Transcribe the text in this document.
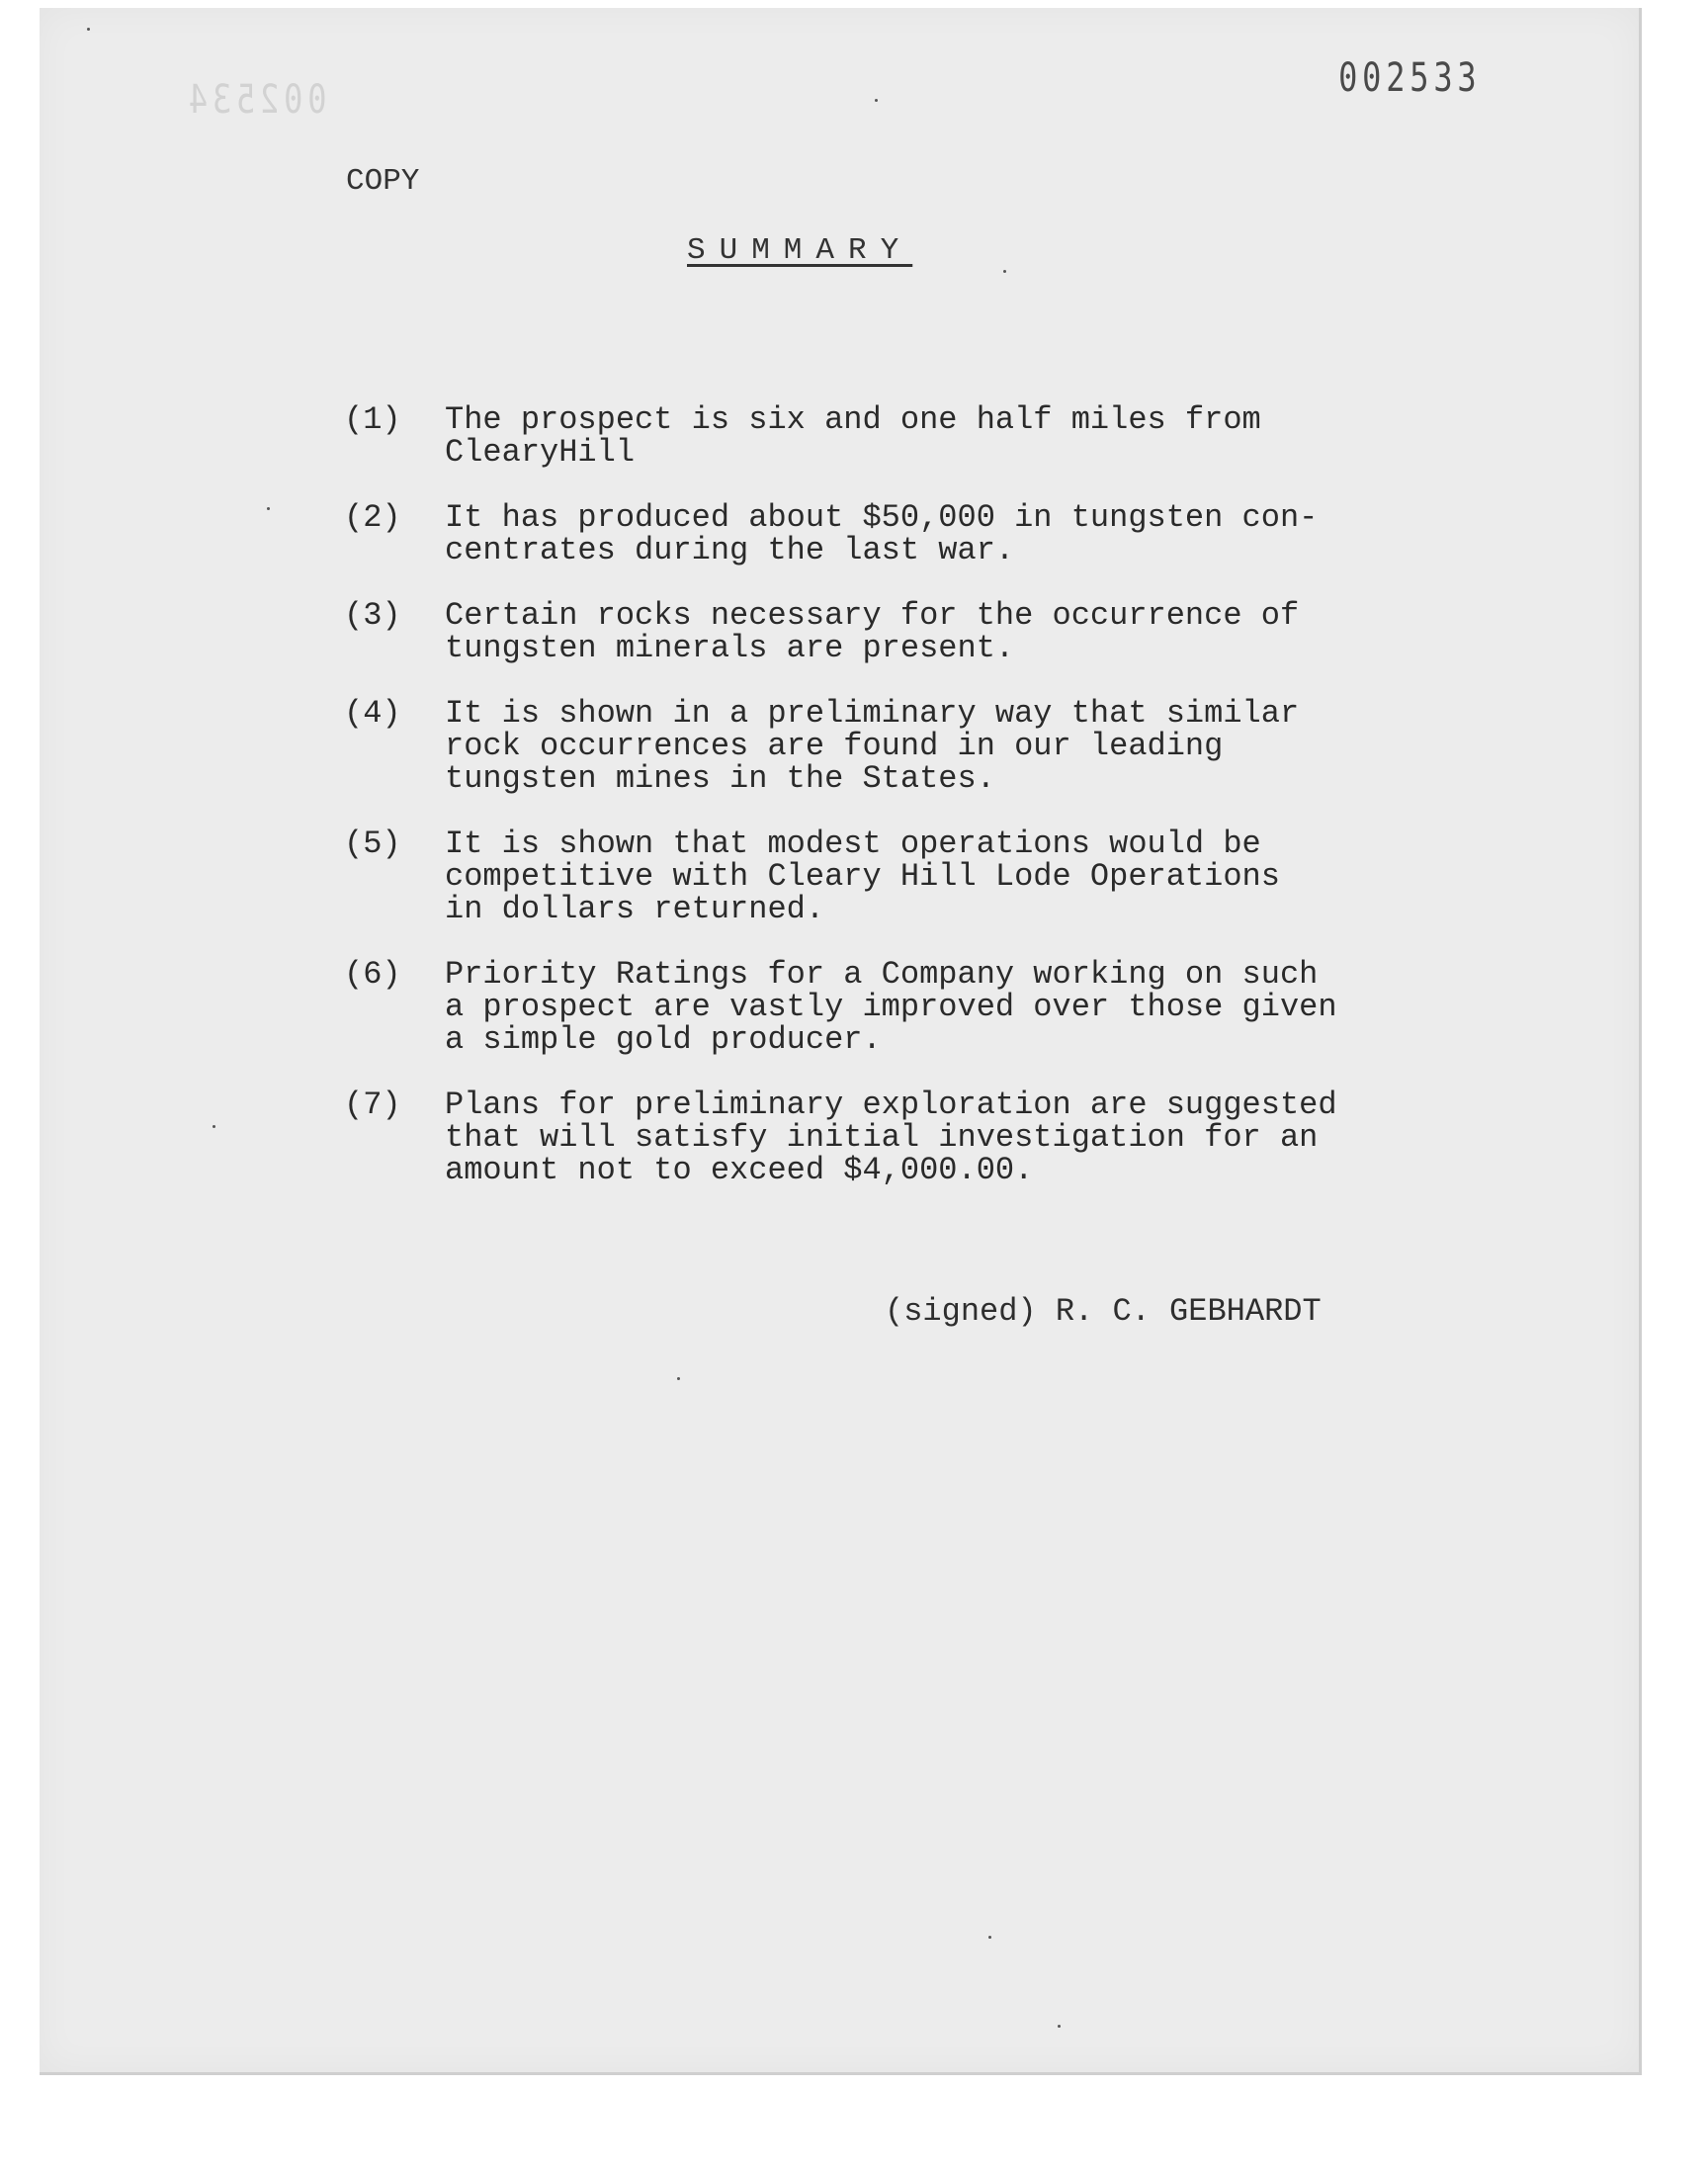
002534	002533
COPY
SUMMARY
(1)	The prospect is six and one half miles from
ClearyHill
(2)	It has produced about $50,000 in tungsten con-
centrates during the last war.
(3)	Certain rocks necessary for the occurrence of
tungsten minerals are present.
(4)	It is shown in a preliminary way that similar
rock occurrences are found in our leading
tungsten mines in the States.
(5)	It is shown that modest operations would be
competitive with Cleary Hill Lode Operations
in dollars returned.
(6)	Priority Ratings for a Company working on such
a prospect are vastly improved over those given
a simple gold producer.
(7)	Plans for preliminary exploration are suggested
that will satisfy initial investigation for an
amount not to exceed $4,000.00.
(signed) R. C. GEBHARDT
